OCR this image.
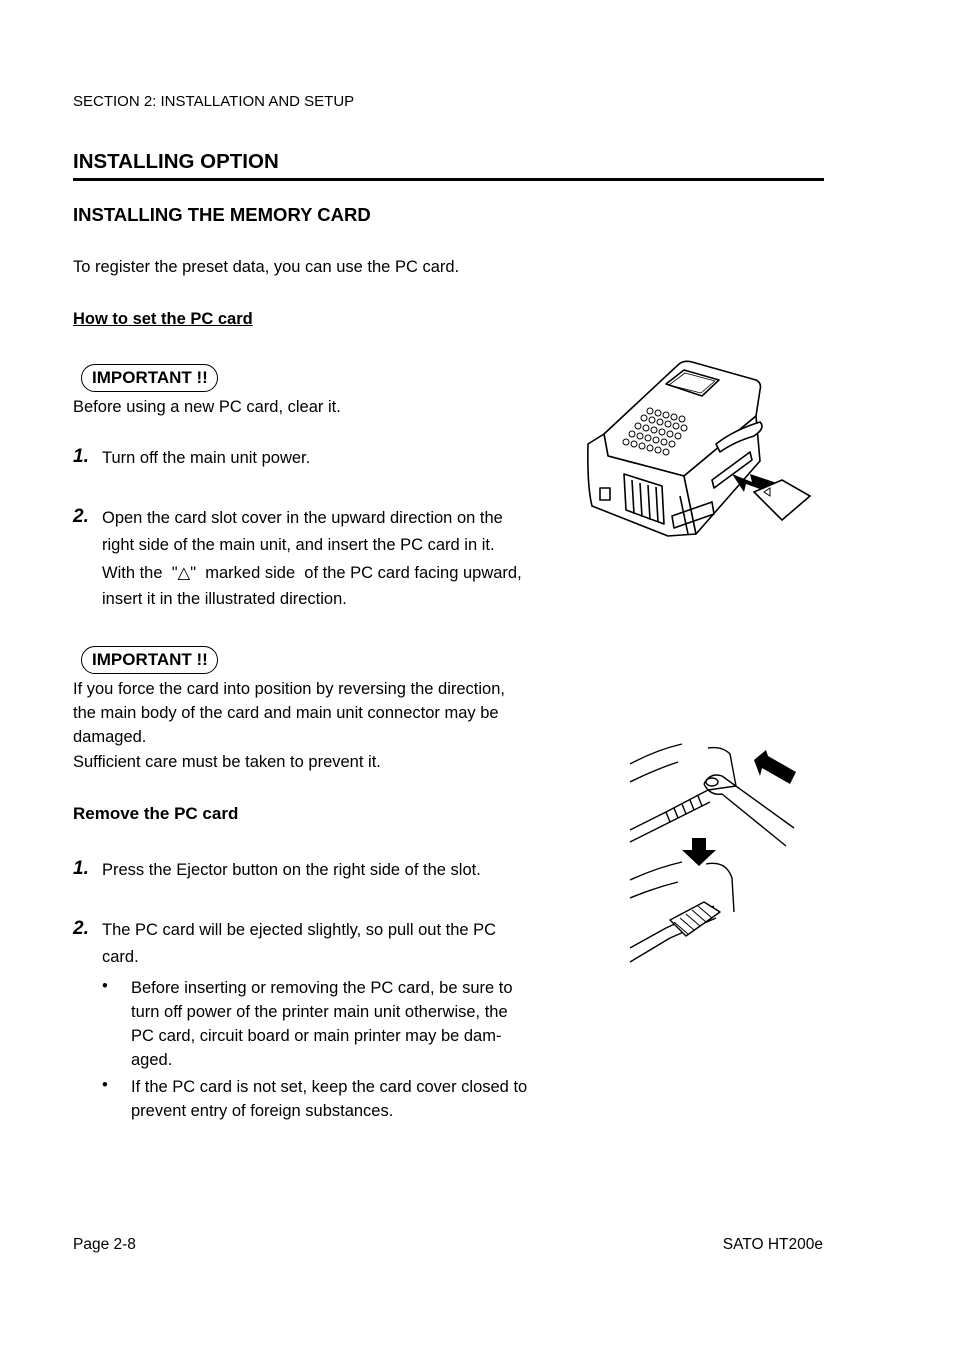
SECTION 2: INSTALLATION AND SETUP
INSTALLING OPTION
INSTALLING THE MEMORY CARD
To register the preset data, you can use the PC card.
How to set the PC card
IMPORTANT !!
Before using a new PC card, clear it.
1. Turn off the main unit power.
2. Open the card slot cover in the upward direction on the
right side of the main unit, and insert the PC card in it.
With the  "△"  marked side  of the PC card facing upward,
insert it in the illustrated direction.
IMPORTANT !!
If you force the card into position by reversing the direction,
the main body of the card and main unit connector may be
damaged.
Sufficient care must be taken to prevent it.
Remove the PC card
1. Press the Ejector button on the right side of the slot.
2. The PC card will be ejected slightly, so pull out the PC
card.
• Before inserting or removing the PC card, be sure to
turn off power of the printer main unit otherwise, the
PC card, circuit board or main printer may be dam-
aged.
• If the PC card is not set, keep the card cover closed to
prevent entry of foreign substances.
Page 2-8	SATO HT200e
